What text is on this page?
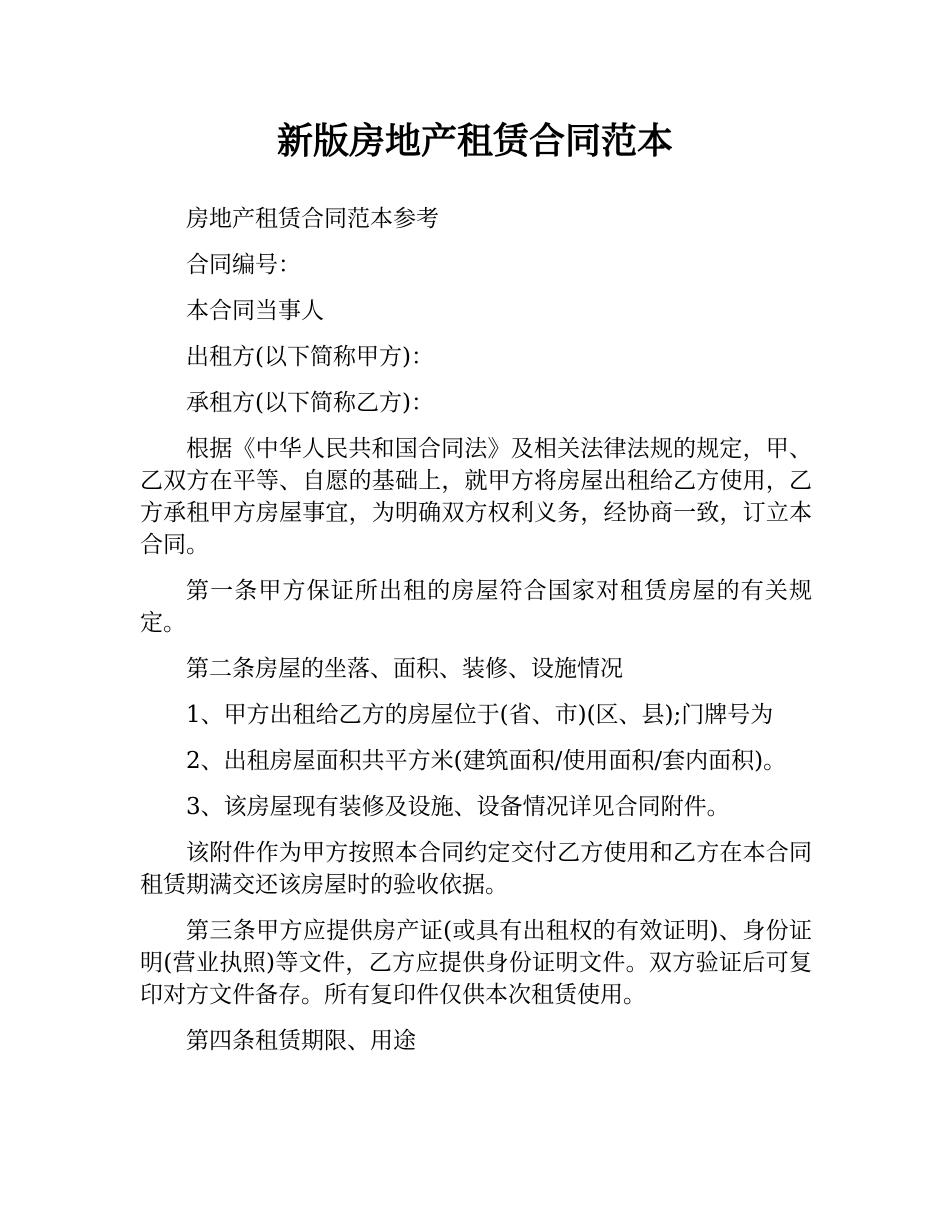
新版房地产租赁合同范本

房地产租赁合同范本参考

合同编号：

本合同当事人

出租方(以下简称甲方)：

承租方(以下简称乙方)：

根据《中华人民共和国合同法》及相关法律法规的规定，甲、乙双方在平等、自愿的基础上，就甲方将房屋出租给乙方使用，乙方承租甲方房屋事宜，为明确双方权利义务，经协商一致，订立本合同。

第一条甲方保证所出租的房屋符合国家对租赁房屋的有关规定。

第二条房屋的坐落、面积、装修、设施情况

1、甲方出租给乙方的房屋位于(省、市)(区、县);门牌号为

2、出租房屋面积共平方米(建筑面积/使用面积/套内面积)。

3、该房屋现有装修及设施、设备情况详见合同附件。

该附件作为甲方按照本合同约定交付乙方使用和乙方在本合同租赁期满交还该房屋时的验收依据。

第三条甲方应提供房产证(或具有出租权的有效证明)、身份证明(营业执照)等文件，乙方应提供身份证明文件。双方验证后可复印对方文件备存。所有复印件仅供本次租赁使用。

第四条租赁期限、用途
